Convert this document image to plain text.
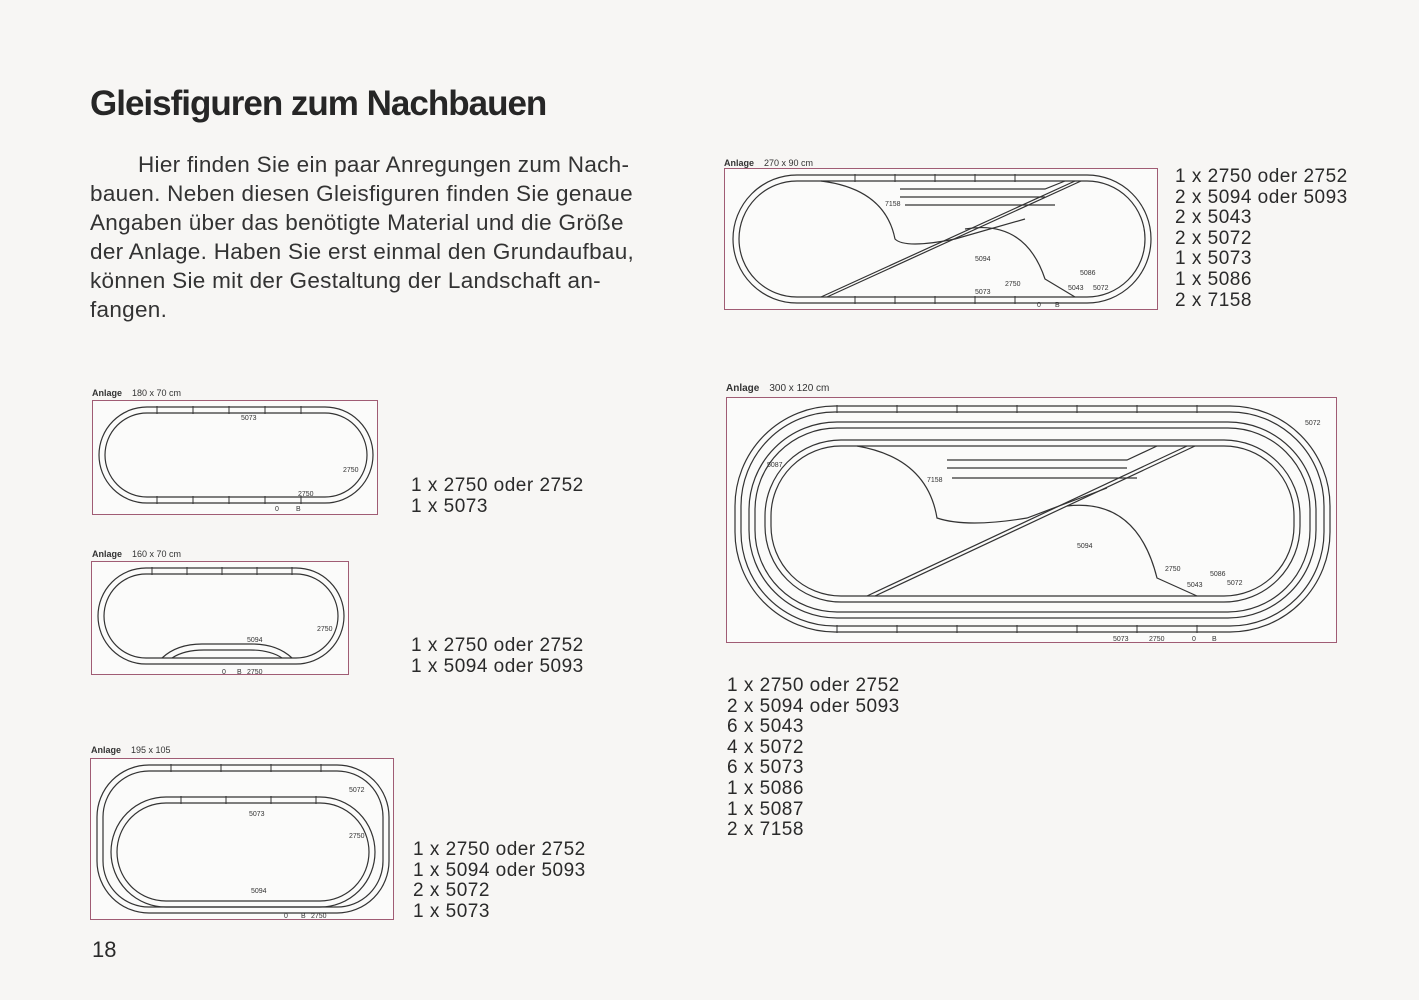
Gleisfiguren zum Nachbauen

Hier finden Sie ein paar Anregungen zum Nach-
bauen. Neben diesen Gleisfiguren finden Sie genaue
Angaben über das benötigte Material und die Größe
der Anlage. Haben Sie erst einmal den Grundaufbau,
können Sie mit der Gestaltung der Landschaft an-
fangen.

Anlage 180 x 70 cm
5073
2750
2750
0 B
1 x 2750 oder 2752
1 x 5073
Anlage 160 x 70 cm
5094
2750
0 B 2750
1 x 2750 oder 2752
1 x 5094 oder 5093
Anlage 195 x 105
5072
5073
2750
5094
0 B 2750
1 x 2750 oder 2752
1 x 5094 oder 5093
2 x 5072
1 x 5073
Anlage 270 x 90 cm
7158
5094
2750
5073
5086
5043 5072
0 B
1 x 2750 oder 2752
2 x 5094 oder 5093
2 x 5043
2 x 5072
1 x 5073
1 x 5086
2 x 7158
Anlage 300 x 120 cm
5072
5087
7158
5094
2750
5086
5043	5072
5073	2750	0 B
1 x 2750 oder 2752
2 x 5094 oder 5093
6 x 5043
4 x 5072
6 x 5073
1 x 5086
1 x 5087
2 x 7158
18
